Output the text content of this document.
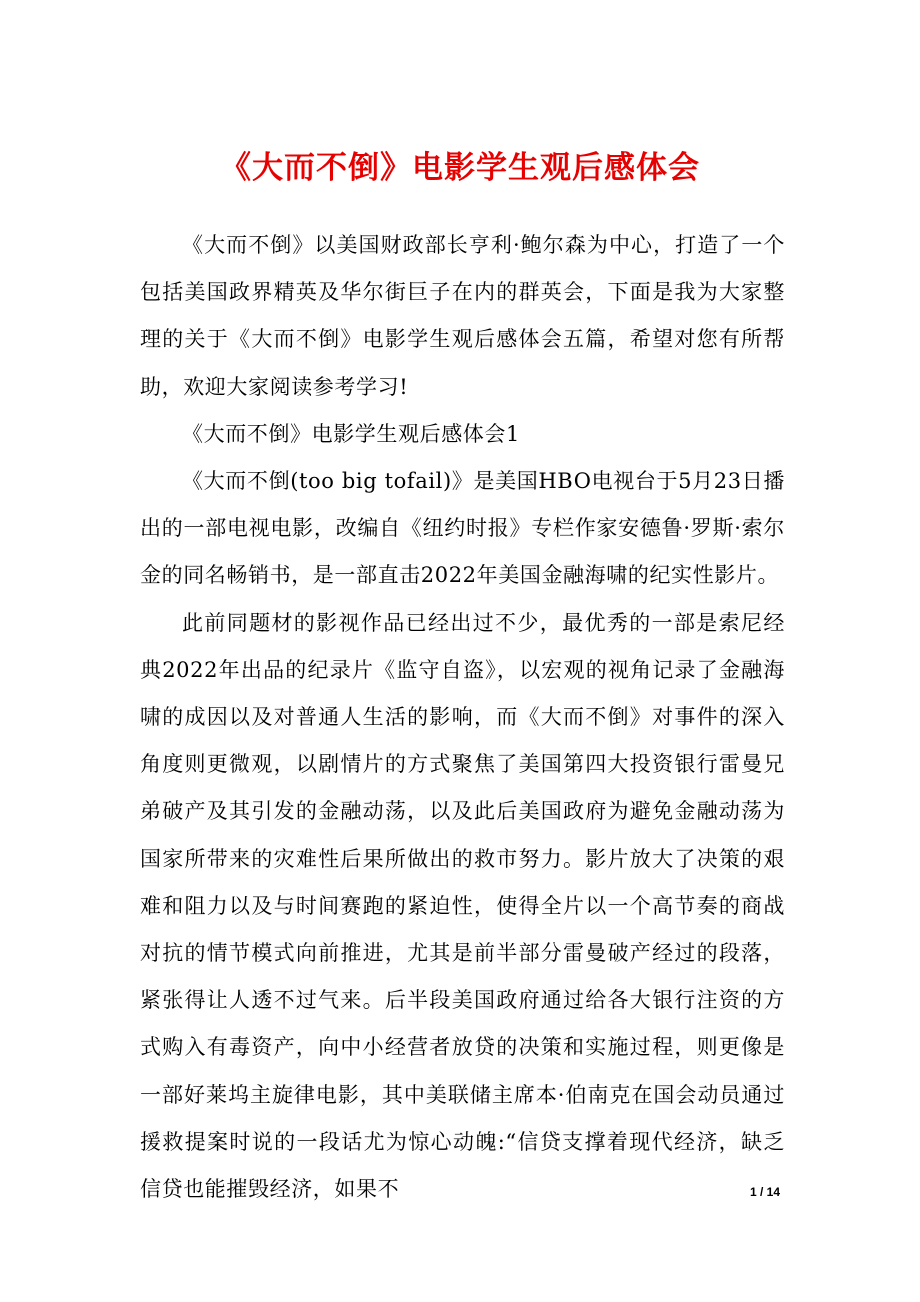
《大而不倒》电影学生观后感体会

《大而不倒》以美国财政部长亨利·鲍尔森为中心，打造了一个包括美国政界精英及华尔街巨子在内的群英会，下面是我为大家整理的关于《大而不倒》电影学生观后感体会五篇，希望对您有所帮助，欢迎大家阅读参考学习!

《大而不倒》电影学生观后感体会1

《大而不倒(too big tofail)》是美国HBO电视台于5月23日播出的一部电视电影，改编自《纽约时报》专栏作家安德鲁·罗斯·索尔金的同名畅销书，是一部直击2022年美国金融海啸的纪实性影片。

此前同题材的影视作品已经出过不少，最优秀的一部是索尼经典2022年出品的纪录片《监守自盗》，以宏观的视角记录了金融海啸的成因以及对普通人生活的影响，而《大而不倒》对事件的深入角度则更微观，以剧情片的方式聚焦了美国第四大投资银行雷曼兄弟破产及其引发的金融动荡，以及此后美国政府为避免金融动荡为国家所带来的灾难性后果所做出的救市努力。影片放大了决策的艰难和阻力以及与时间赛跑的紧迫性，使得全片以一个高节奏的商战对抗的情节模式向前推进，尤其是前半部分雷曼破产经过的段落，紧张得让人透不过气来。后半段美国政府通过给各大银行注资的方式购入有毒资产，向中小经营者放贷的决策和实施过程，则更像是一部好莱坞主旋律电影，其中美联储主席本·伯南克在国会动员通过援救提案时说的一段话尤为惊心动魄:“信贷支撑着现代经济，缺乏信贷也能摧毁经济，如果不	1 / 14
